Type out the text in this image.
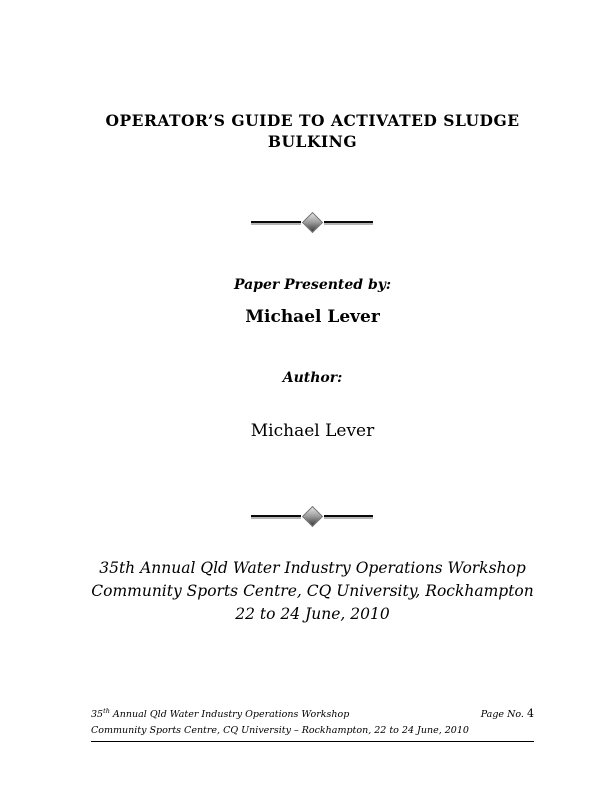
OPERATOR’S GUIDE TO ACTIVATED SLUDGE
BULKING
Paper Presented by:
Michael Lever
Author:
Michael Lever
35th Annual Qld Water Industry Operations Workshop
Community Sports Centre, CQ University, Rockhampton
22 to 24 June, 2010
35th Annual Qld Water Industry Operations Workshop	Page No. 4
Community Sports Centre, CQ University – Rockhampton, 22 to 24 June, 2010
